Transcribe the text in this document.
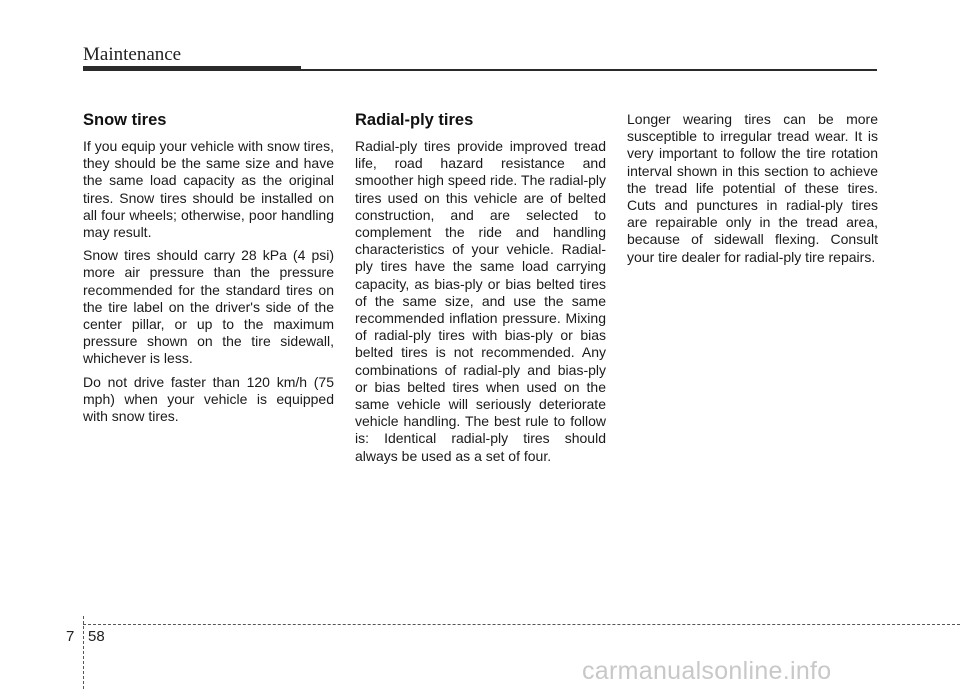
Maintenance
Snow tires

If you equip your vehicle with snow tires, they should be the same size and have the same load capacity as the original tires. Snow tires should be installed on all four wheels; otherwise, poor handling may result.

Snow tires should carry 28 kPa (4 psi) more air pressure than the pressure recommended for the standard tires on the tire label on the driver's side of the center pillar, or up to the maximum pressure shown on the tire sidewall, whichever is less.

Do not drive faster than 120 km/h (75 mph) when your vehicle is equipped with snow tires.

Radial-ply tires

Radial-ply tires provide improved tread life, road hazard resistance and smoother high speed ride. The radial-ply tires used on this vehicle are of belted construction, and are selected to complement the ride and handling characteristics of your vehicle. Radial-ply tires have the same load carrying capacity, as bias-ply or bias belted tires of the same size, and use the same recommended inflation pressure. Mixing of radial-ply tires with bias-ply or bias belted tires is not recommended. Any combinations of radial-ply and bias-ply or bias belted tires when used on the same vehicle will seriously deteriorate vehicle handling. The best rule to follow is: Identical radial-ply tires should always be used as a set of four.

Longer wearing tires can be more susceptible to irregular tread wear. It is very important to follow the tire rotation interval shown in this section to achieve the tread life potential of these tires. Cuts and punctures in radial-ply tires are repairable only in the tread area, because of sidewall flexing. Consult your tire dealer for radial-ply tire repairs.

7 58
carmanualsonline.info
